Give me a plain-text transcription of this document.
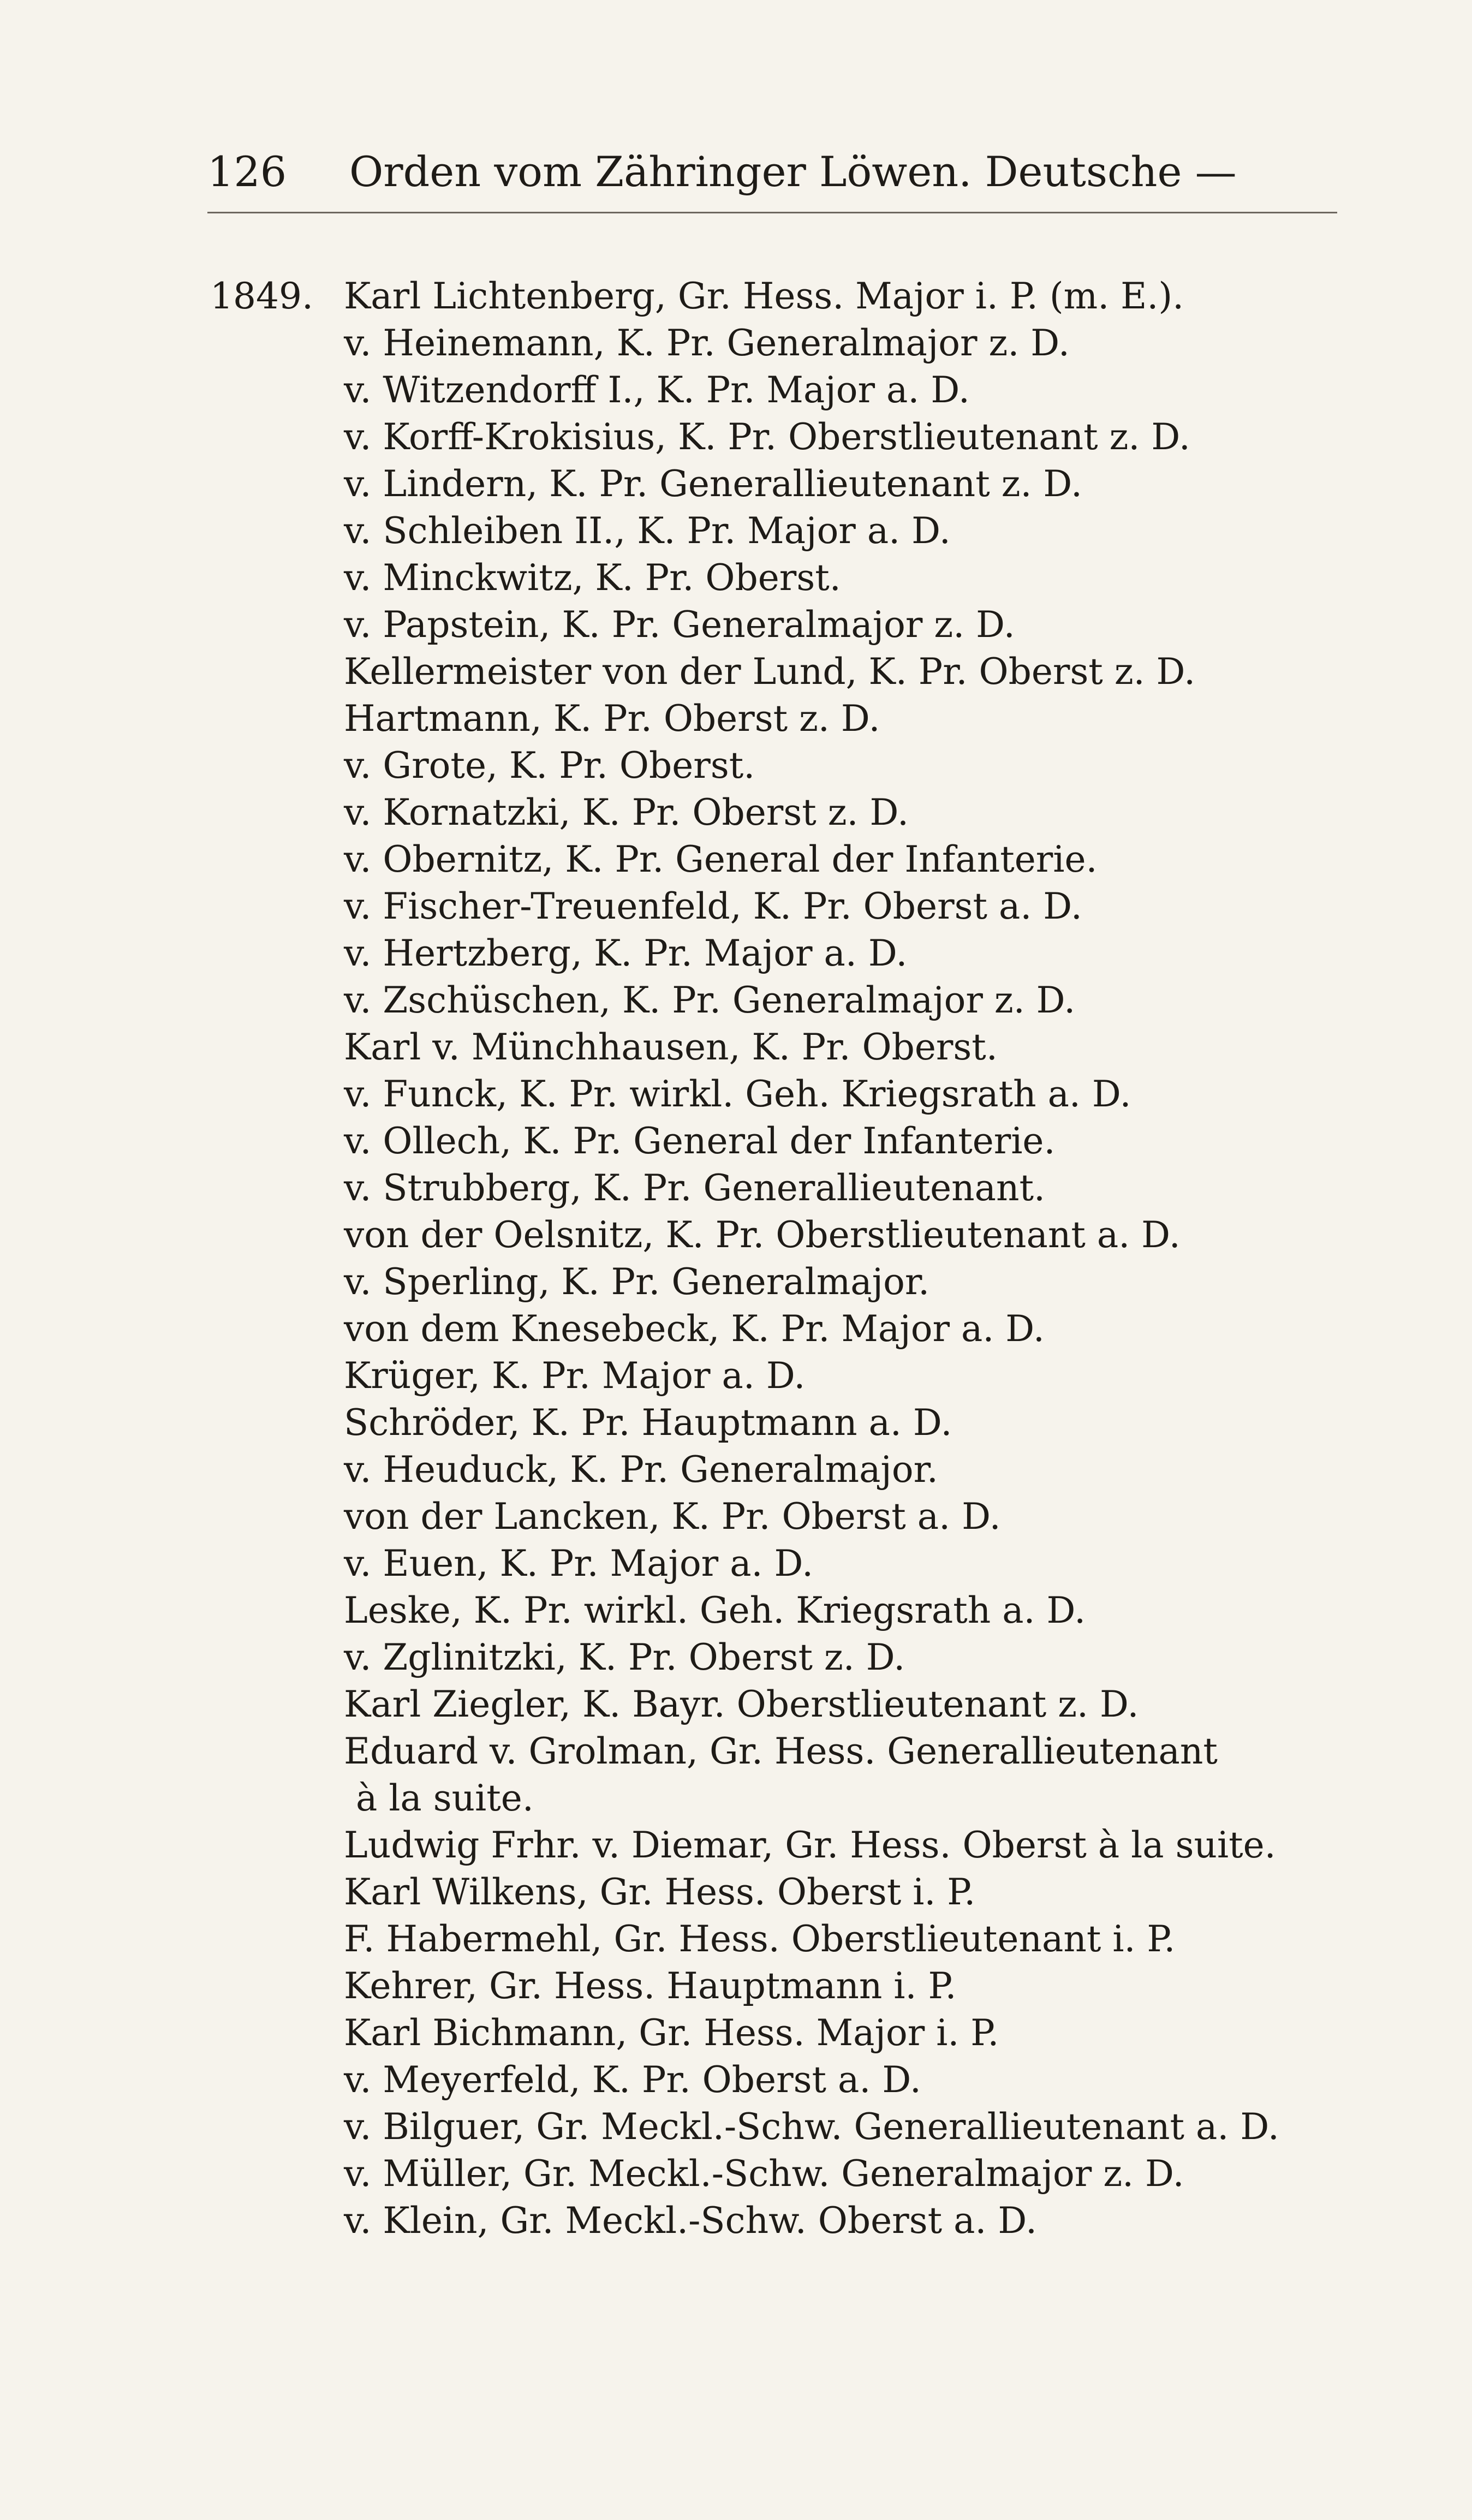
126 Orden vom Zähringer Löwen. Deutsche —
1849. Karl Lichtenberg, Gr. Hess. Major i. P. (m. E.).
v. Heinemann, K. Pr. Generalmajor z. D.
v. Witzendorff I., K. Pr. Major a. D.
v. Korff-Krokisius, K. Pr. Oberstlieutenant z. D.
v. Lindern, K. Pr. Generallieutenant z. D.
v. Schleiben II., K. Pr. Major a. D.
v. Minckwitz, K. Pr. Oberst.
v. Papstein, K. Pr. Generalmajor z. D.
Kellermeister von der Lund, K. Pr. Oberst z. D.
Hartmann, K. Pr. Oberst z. D.
v. Grote, K. Pr. Oberst.
v. Kornatzki, K. Pr. Oberst z. D.
v. Obernitz, K. Pr. General der Infanterie.
v. Fischer-Treuenfeld, K. Pr. Oberst a. D.
v. Hertzberg, K. Pr. Major a. D.
v. Zschüschen, K. Pr. Generalmajor z. D.
Karl v. Münchhausen, K. Pr. Oberst.
v. Funck, K. Pr. wirkl. Geh. Kriegsrath a. D.
v. Ollech, K. Pr. General der Infanterie.
v. Strubberg, K. Pr. Generallieutenant.
von der Oelsnitz, K. Pr. Oberstlieutenant a. D.
v. Sperling, K. Pr. Generalmajor.
von dem Knesebeck, K. Pr. Major a. D.
Krüger, K. Pr. Major a. D.
Schröder, K. Pr. Hauptmann a. D.
v. Heuduck, K. Pr. Generalmajor.
von der Lancken, K. Pr. Oberst a. D.
v. Euen, K. Pr. Major a. D.
Leske, K. Pr. wirkl. Geh. Kriegsrath a. D.
v. Zglinitzki, K. Pr. Oberst z. D.
Karl Ziegler, K. Bayr. Oberstlieutenant z. D.
Eduard v. Grolman, Gr. Hess. Generallieutenant
à la suite.
Ludwig Frhr. v. Diemar, Gr. Hess. Oberst à la suite.
Karl Wilkens, Gr. Hess. Oberst i. P.
F. Habermehl, Gr. Hess. Oberstlieutenant i. P.
Kehrer, Gr. Hess. Hauptmann i. P.
Karl Bichmann, Gr. Hess. Major i. P.
v. Meyerfeld, K. Pr. Oberst a. D.
v. Bilguer, Gr. Meckl.-Schw. Generallieutenant a. D.
v. Müller, Gr. Meckl.-Schw. Generalmajor z. D.
v. Klein, Gr. Meckl.-Schw. Oberst a. D.
